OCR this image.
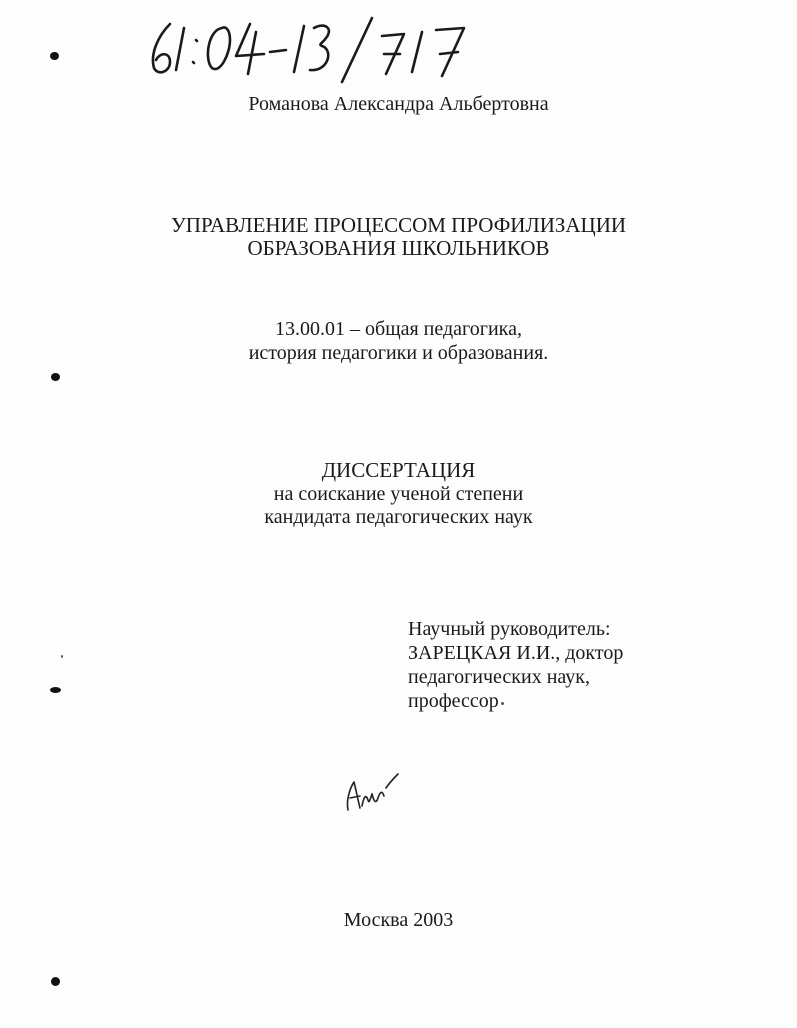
Романова Александра Альбертовна
УПРАВЛЕНИЕ ПРОЦЕССОМ ПРОФИЛИЗАЦИИ
ОБРАЗОВАНИЯ ШКОЛЬНИКОВ
13.00.01 – общая педагогика,
история педагогики и образования.
ДИССЕРТАЦИЯ
на соискание ученой степени
кандидата педагогических наук
Научный руководитель:
ЗАРЕЦКАЯ И.И., доктор
педагогических наук,
профессор
Москва 2003
